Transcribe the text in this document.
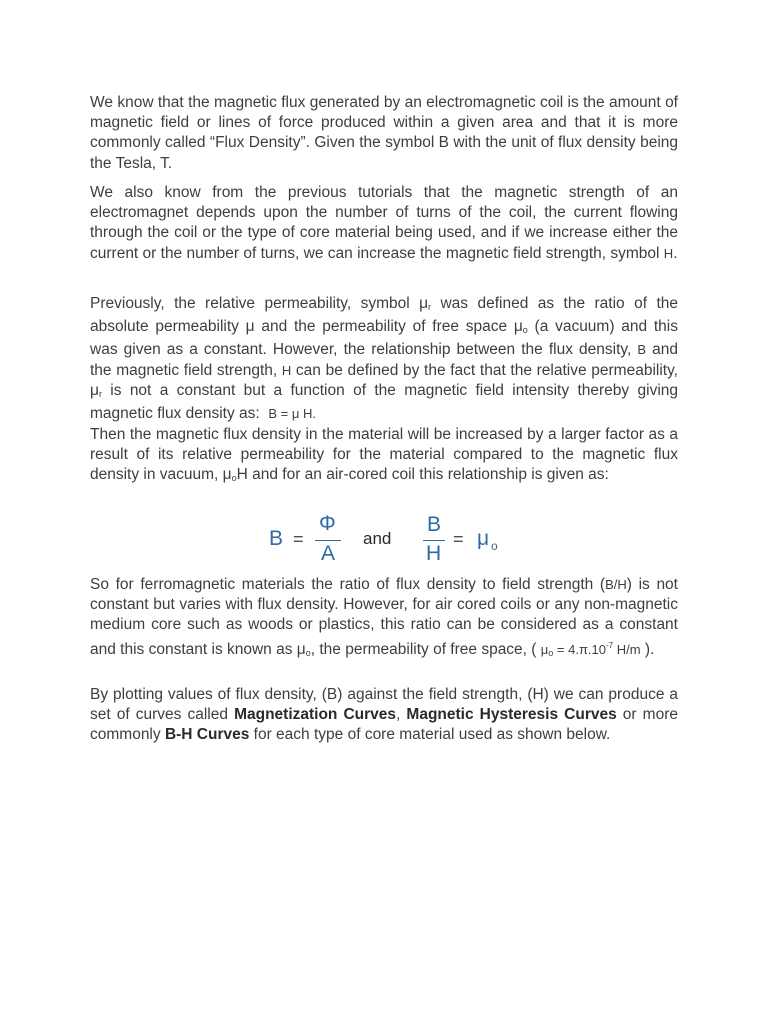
We know that the magnetic flux generated by an electromagnetic coil is the amount of magnetic field or lines of force produced within a given area and that it is more commonly called “Flux Density”. Given the symbol B with the unit of flux density being the Tesla, T.

We also know from the previous tutorials that the magnetic strength of an electromagnet depends upon the number of turns of the coil, the current flowing through the coil or the type of core material being used, and if we increase either the current or the number of turns, we can increase the magnetic field strength, symbol H.

Previously, the relative permeability, symbol $\mu_r$ was defined as the ratio of the absolute permeability μ and the permeability of free space $\mu_o$ (a vacuum) and this was given as a constant. However, the relationship between the flux density, B and the magnetic field strength, H can be defined by the fact that the relative permeability, $\mu_r$ is not a constant but a function of the magnetic field intensity thereby giving magnetic flux density as: B = μ H.

Then the magnetic flux density in the material will be increased by a larger factor as a result of its relative permeability for the material compared to the magnetic flux density in vacuum, $\mu_oH$ and for an air-cored coil this relationship is given as:

B =
Φ
A
and
B
H
= μ o

So for ferromagnetic materials the ratio of flux density to field strength (B/H) is not constant but varies with flux density. However, for air cored coils or any non-magnetic medium core such as woods or plastics, this ratio can be considered as a constant and this constant is known as $\mu_o$, the permeability of free space, ( $\mu_o = 4.\pi.10^{-7}$ H/m ).

By plotting values of flux density, (B) against the field strength, (H) we can produce a set of curves called Magnetization Curves, Magnetic Hysteresis Curves or more commonly B-H Curves for each type of core material used as shown below.
